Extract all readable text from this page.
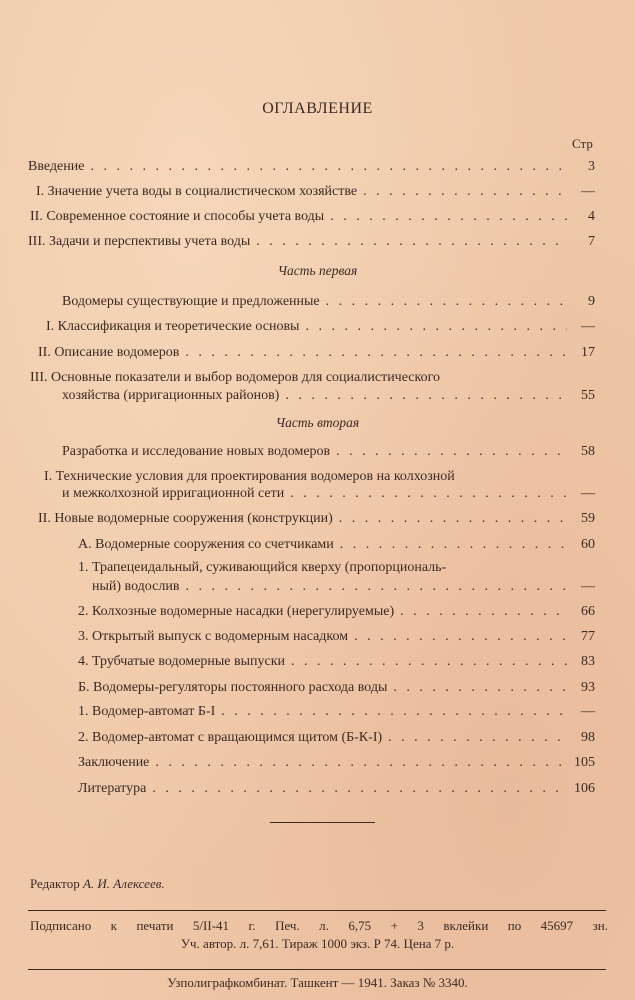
ОГЛАВЛЕНИЕ
Стр
Введение . . .	3
I. Значение учета воды в социалистическом хозяйстве . . .	—
II. Современное состояние и способы учета воды . . .	4
III. Задачи и перспективы учета воды . . .	7
Часть первая
Водомеры существующие и предложенные . . .	9
I. Классификация и теоретические основы . . .	—
II. Описание водомеров . . .	17
III. Основные показатели и выбор водомеров для социалистического
хозяйства (ирригационных районов) . . .	55
Часть вторая
Разработка и исследование новых водомеров . . .	58
I. Технические условия для проектирования водомеров на колхозной
и межколхозной ирригационной сети . . .	—
II. Новые водомерные сооружения (конструкции) . . .	59
А. Водомерные сооружения со счетчиками . . .	60
1. Трапецеидальный, суживающийся кверху (пропорциональ-
ный) водослив . . .	—
2. Колхозные водомерные насадки (нерегулируемые) . . .	66
3. Открытый выпуск с водомерным насадком . . .	77
4. Трубчатые водомерные выпуски . . .	83
Б. Водомеры-регуляторы постоянного расхода воды . . .	93
1. Водомер-автомат Б-I . . .	—
2. Водомер-автомат с вращающимся щитом (Б-К-I) . . .	98
Заключение . . .	105
Литература . . .	106
Редактор А. И. Алексеев.
Подписано к печати 5/II-41 г. Печ. л. 6,75 + 3 вклейки по 45697 зн.
Уч. автор. л. 7,61. Тираж 1000 экз. Р 74. Цена 7 р.
Узполиграфкомбинат. Ташкент — 1941. Заказ № 3340.
